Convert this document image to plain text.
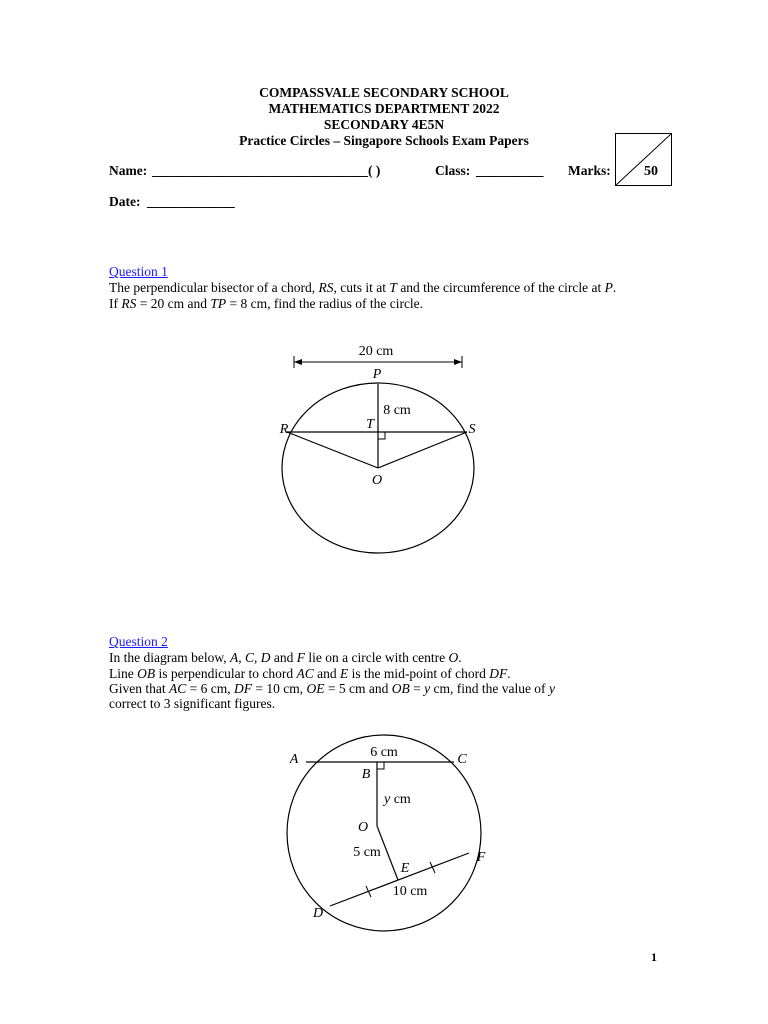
COMPASSVALE SECONDARY SCHOOL
MATHEMATICS DEPARTMENT 2022
SECONDARY 4E5N
Practice Circles – Singapore Schools Exam Papers
Name: ________________________________( )	Class: __________ Marks: 50
Date: _____________
Question 1
The perpendicular bisector of a chord, RS, cuts it at T and the circumference of the circle at P.
If RS = 20 cm and TP = 8 cm, find the radius of the circle.
20 cm
P
8 cm
T
R	S
O
Question 2
In the diagram below, A, C, D and F lie on a circle with centre O.
Line OB is perpendicular to chord AC and E is the mid-point of chord DF.
Given that AC = 6 cm, DF = 10 cm, OE = 5 cm and OB = y cm, find the value of y
correct to 3 significant figures.
A	6 cm	C
B
y cm
O
5 cm
E
F
10 cm
D
1
